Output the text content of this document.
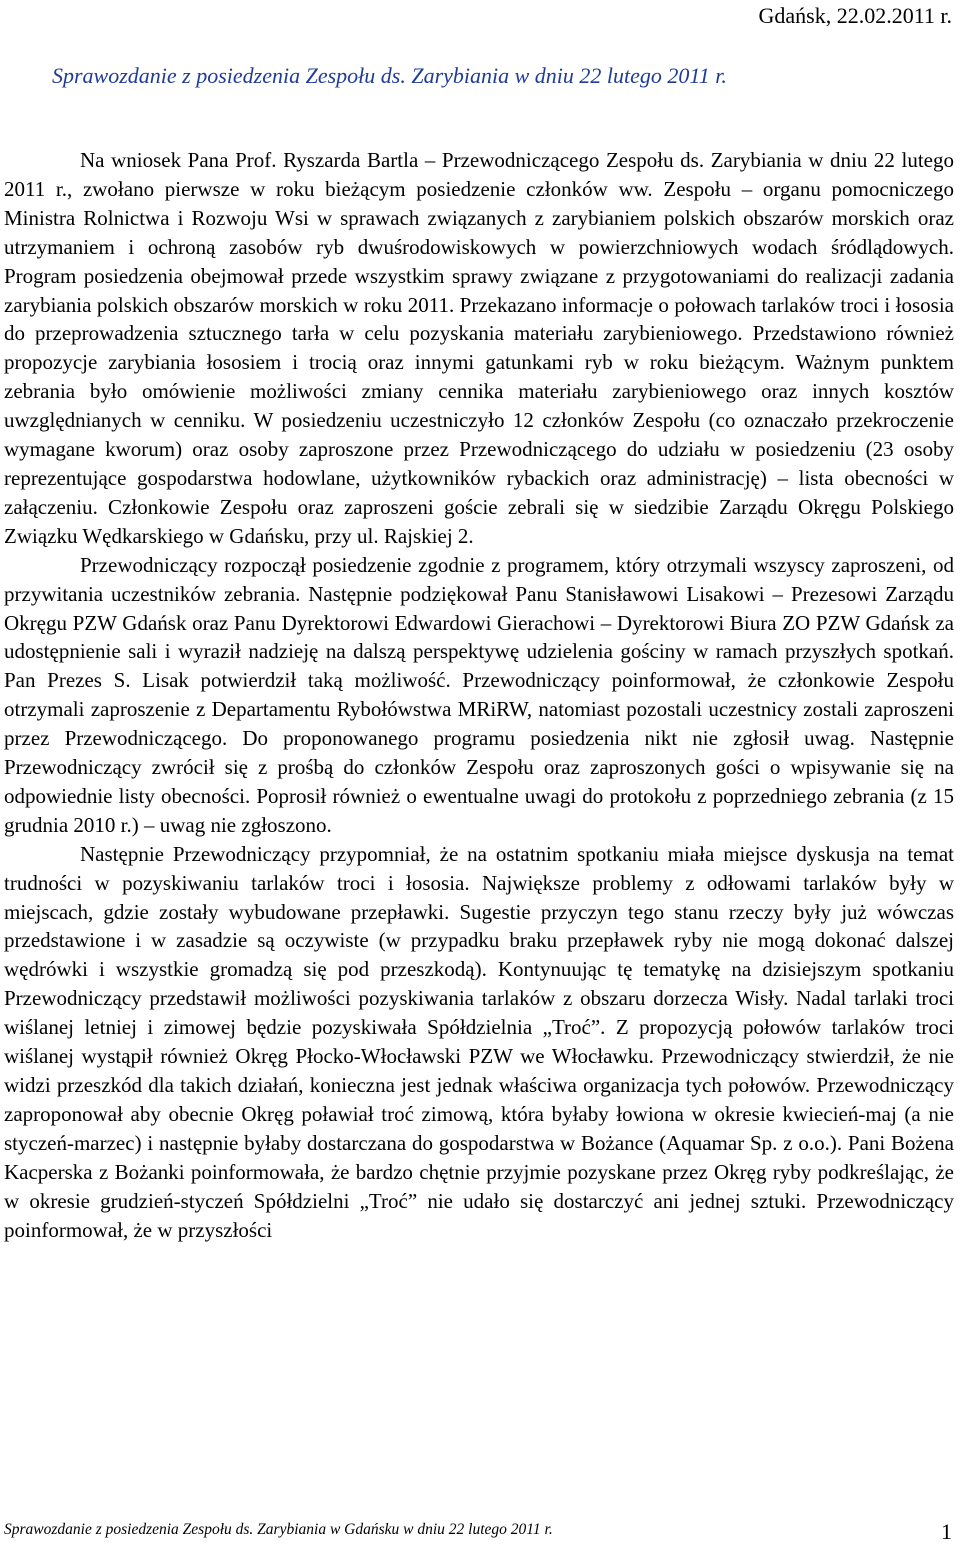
Gdańsk, 22.02.2011 r.
Sprawozdanie z posiedzenia Zespołu ds. Zarybiania w dniu 22 lutego 2011 r.

Na wniosek Pana Prof. Ryszarda Bartla – Przewodniczącego Zespołu ds. Zarybiania w dniu 22 lutego 2011 r., zwołano pierwsze w roku bieżącym posiedzenie członków ww. Zespołu – organu pomocniczego Ministra Rolnictwa i Rozwoju Wsi w sprawach związanych z zarybianiem polskich obszarów morskich oraz utrzymaniem i ochroną zasobów ryb dwuśrodowiskowych w powierzchniowych wodach śródlądowych. Program posiedzenia obejmował przede wszystkim sprawy związane z przygotowaniami do realizacji zadania zarybiania polskich obszarów morskich w roku 2011. Przekazano informacje o połowach tarlaków troci i łososia do przeprowadzenia sztucznego tarła w celu pozyskania materiału zarybieniowego. Przedstawiono również propozycje zarybiania łososiem i trocią oraz innymi gatunkami ryb w roku bieżącym. Ważnym punktem zebrania było omówienie możliwości zmiany cennika materiału zarybieniowego oraz innych kosztów uwzględnianych w cenniku. W posiedzeniu uczestniczyło 12 członków Zespołu (co oznaczało przekroczenie wymagane kworum) oraz osoby zaproszone przez Przewodniczącego do udziału w posiedzeniu (23 osoby reprezentujące gospodarstwa hodowlane, użytkowników rybackich oraz administrację) – lista obecności w załączeniu. Członkowie Zespołu oraz zaproszeni goście zebrali się w siedzibie Zarządu Okręgu Polskiego Związku Wędkarskiego w Gdańsku, przy ul. Rajskiej 2.

Przewodniczący rozpoczął posiedzenie zgodnie z programem, który otrzymali wszyscy zaproszeni, od przywitania uczestników zebrania. Następnie podziękował Panu Stanisławowi Lisakowi – Prezesowi Zarządu Okręgu PZW Gdańsk oraz Panu Dyrektorowi Edwardowi Gierachowi – Dyrektorowi Biura ZO PZW Gdańsk za udostępnienie sali i wyraził nadzieję na dalszą perspektywę udzielenia gościny w ramach przyszłych spotkań. Pan Prezes S. Lisak potwierdził taką możliwość. Przewodniczący poinformował, że członkowie Zespołu otrzymali zaproszenie z Departamentu Rybołówstwa MRiRW, natomiast pozostali uczestnicy zostali zaproszeni przez Przewodniczącego. Do proponowanego programu posiedzenia nikt nie zgłosił uwag. Następnie Przewodniczący zwrócił się z prośbą do członków Zespołu oraz zaproszonych gości o wpisywanie się na odpowiednie listy obecności. Poprosił również o ewentualne uwagi do protokołu z poprzedniego zebrania (z 15 grudnia 2010 r.) – uwag nie zgłoszono.

Następnie Przewodniczący przypomniał, że na ostatnim spotkaniu miała miejsce dyskusja na temat trudności w pozyskiwaniu tarlaków troci i łososia. Największe problemy z odłowami tarlaków były w miejscach, gdzie zostały wybudowane przepławki. Sugestie przyczyn tego stanu rzeczy były już wówczas przedstawione i w zasadzie są oczywiste (w przypadku braku przepławek ryby nie mogą dokonać dalszej wędrówki i wszystkie gromadzą się pod przeszkodą). Kontynuując tę tematykę na dzisiejszym spotkaniu Przewodniczący przedstawił możliwości pozyskiwania tarlaków z obszaru dorzecza Wisły. Nadal tarlaki troci wiślanej letniej i zimowej będzie pozyskiwała Spółdzielnia „Troć”. Z propozycją połowów tarlaków troci wiślanej wystąpił również Okręg Płocko-Włocławski PZW we Włocławku. Przewodniczący stwierdził, że nie widzi przeszkód dla takich działań, konieczna jest jednak właściwa organizacja tych połowów. Przewodniczący zaproponował aby obecnie Okręg poławiał troć zimową, która byłaby łowiona w okresie kwiecień-maj (a nie styczeń-marzec) i następnie byłaby dostarczana do gospodarstwa w Bożance (Aquamar Sp. z o.o.). Pani Bożena Kacperska z Bożanki poinformowała, że bardzo chętnie przyjmie pozyskane przez Okręg ryby podkreślając, że w okresie grudzień-styczeń Spółdzielni „Troć” nie udało się dostarczyć ani jednej sztuki. Przewodniczący poinformował, że w przyszłości

Sprawozdanie z posiedzenia Zespołu ds. Zarybiania w Gdańsku w dniu 22 lutego 2011 r.	1
